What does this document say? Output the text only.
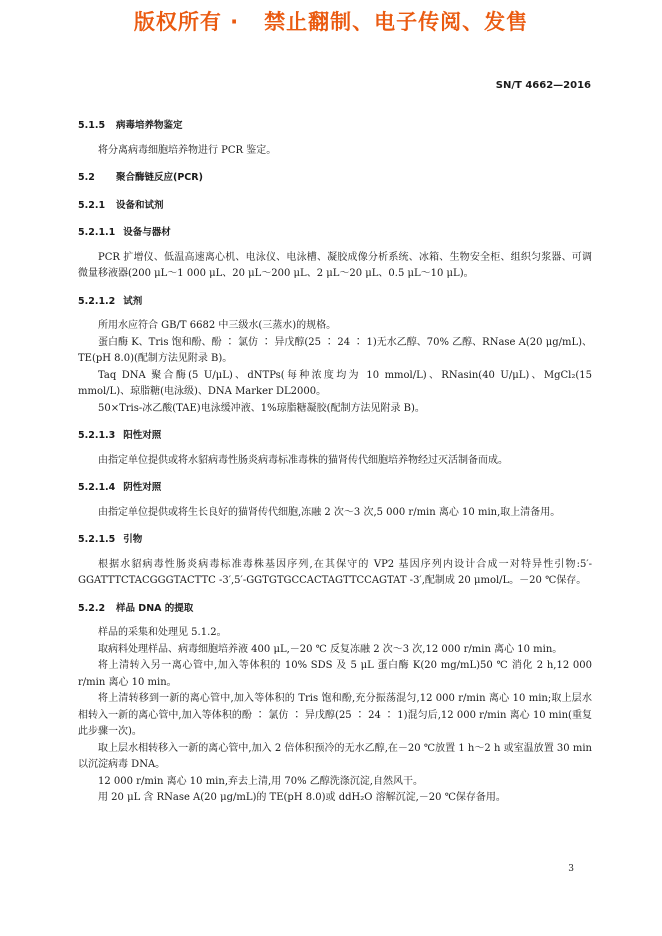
版权所有 ·   禁止翻制、电子传阅、发售
SN/T 4662—2016
5.1.5 病毒培养物鉴定

将分离病毒细胞培养物进行 PCR 鉴定。

5.2 聚合酶链反应(PCR)
5.2.1 设备和试剂
5.2.1.1 设备与器材

PCR 扩增仪、低温高速离心机、电泳仪、电泳槽、凝胶成像分析系统、冰箱、生物安全柜、组织匀浆器、可调微量移液器(200 μL～1 000 μL、20 μL～200 μL、2 μL～20 μL、0.5 μL～10 μL)。

5.2.1.2 试剂

所用水应符合 GB/T 6682 中三级水(三蒸水)的规格。

蛋白酶 K、Tris 饱和酚、酚 ∶ 氯仿 ∶ 异戊醇(25 ∶ 24 ∶ 1)无水乙醇、70% 乙醇、RNase A(20 μg/mL)、TE(pH 8.0)(配制方法见附录 B)。

Taq DNA 聚合酶(5 U/μL)、dNTPs(每种浓度均为 10 mmol/L)、RNasin(40 U/μL)、MgCl₂(15 mmol/L)、琼脂糖(电泳级)、DNA Marker DL2000。

50×Tris-冰乙酸(TAE)电泳缓冲液、1%琼脂糖凝胶(配制方法见附录 B)。

5.2.1.3 阳性对照

由指定单位提供或将水貂病毒性肠炎病毒标准毒株的猫肾传代细胞培养物经过灭活制备而成。

5.2.1.4 阴性对照

由指定单位提供或将生长良好的猫肾传代细胞,冻融 2 次～3 次,5 000 r/min 离心 10 min,取上清备用。

5.2.1.5 引物

根据水貂病毒性肠炎病毒标准毒株基因序列,在其保守的 VP2 基因序列内设计合成一对特异性引物:5′-GGATTTCTACGGGTACTTC -3′,5′-GGTGTGCCACTAGTTCCAGTAT -3′,配制成 20 μmol/L。－20 ℃保存。

5.2.2 样品 DNA 的提取

样品的采集和处理见 5.1.2。

取病料处理样品、病毒细胞培养液 400 μL,－20 ℃ 反复冻融 2 次～3 次,12 000 r/min 离心 10 min。

将上清转入另一离心管中,加入等体积的 10% SDS 及 5 μL 蛋白酶 K(20 mg/mL)50 ℃ 消化 2 h,12 000 r/min 离心 10 min。

将上清转移到一新的离心管中,加入等体积的 Tris 饱和酚,充分振荡混匀,12 000 r/min 离心 10 min;取上层水相转入一新的离心管中,加入等体积的酚 ∶ 氯仿 ∶ 异戊醇(25 ∶ 24 ∶ 1)混匀后,12 000 r/min 离心 10 min(重复此步骤一次)。

取上层水相转移入一新的离心管中,加入 2 倍体积预冷的无水乙醇,在－20 ℃放置 1 h～2 h 或室温放置 30 min 以沉淀病毒 DNA。

12 000 r/min 离心 10 min,弃去上清,用 70% 乙醇洗涤沉淀,自然风干。

用 20 μL 含 RNase A(20 μg/mL)的 TE(pH 8.0)或 ddH₂O 溶解沉淀,－20 ℃保存备用。

3
